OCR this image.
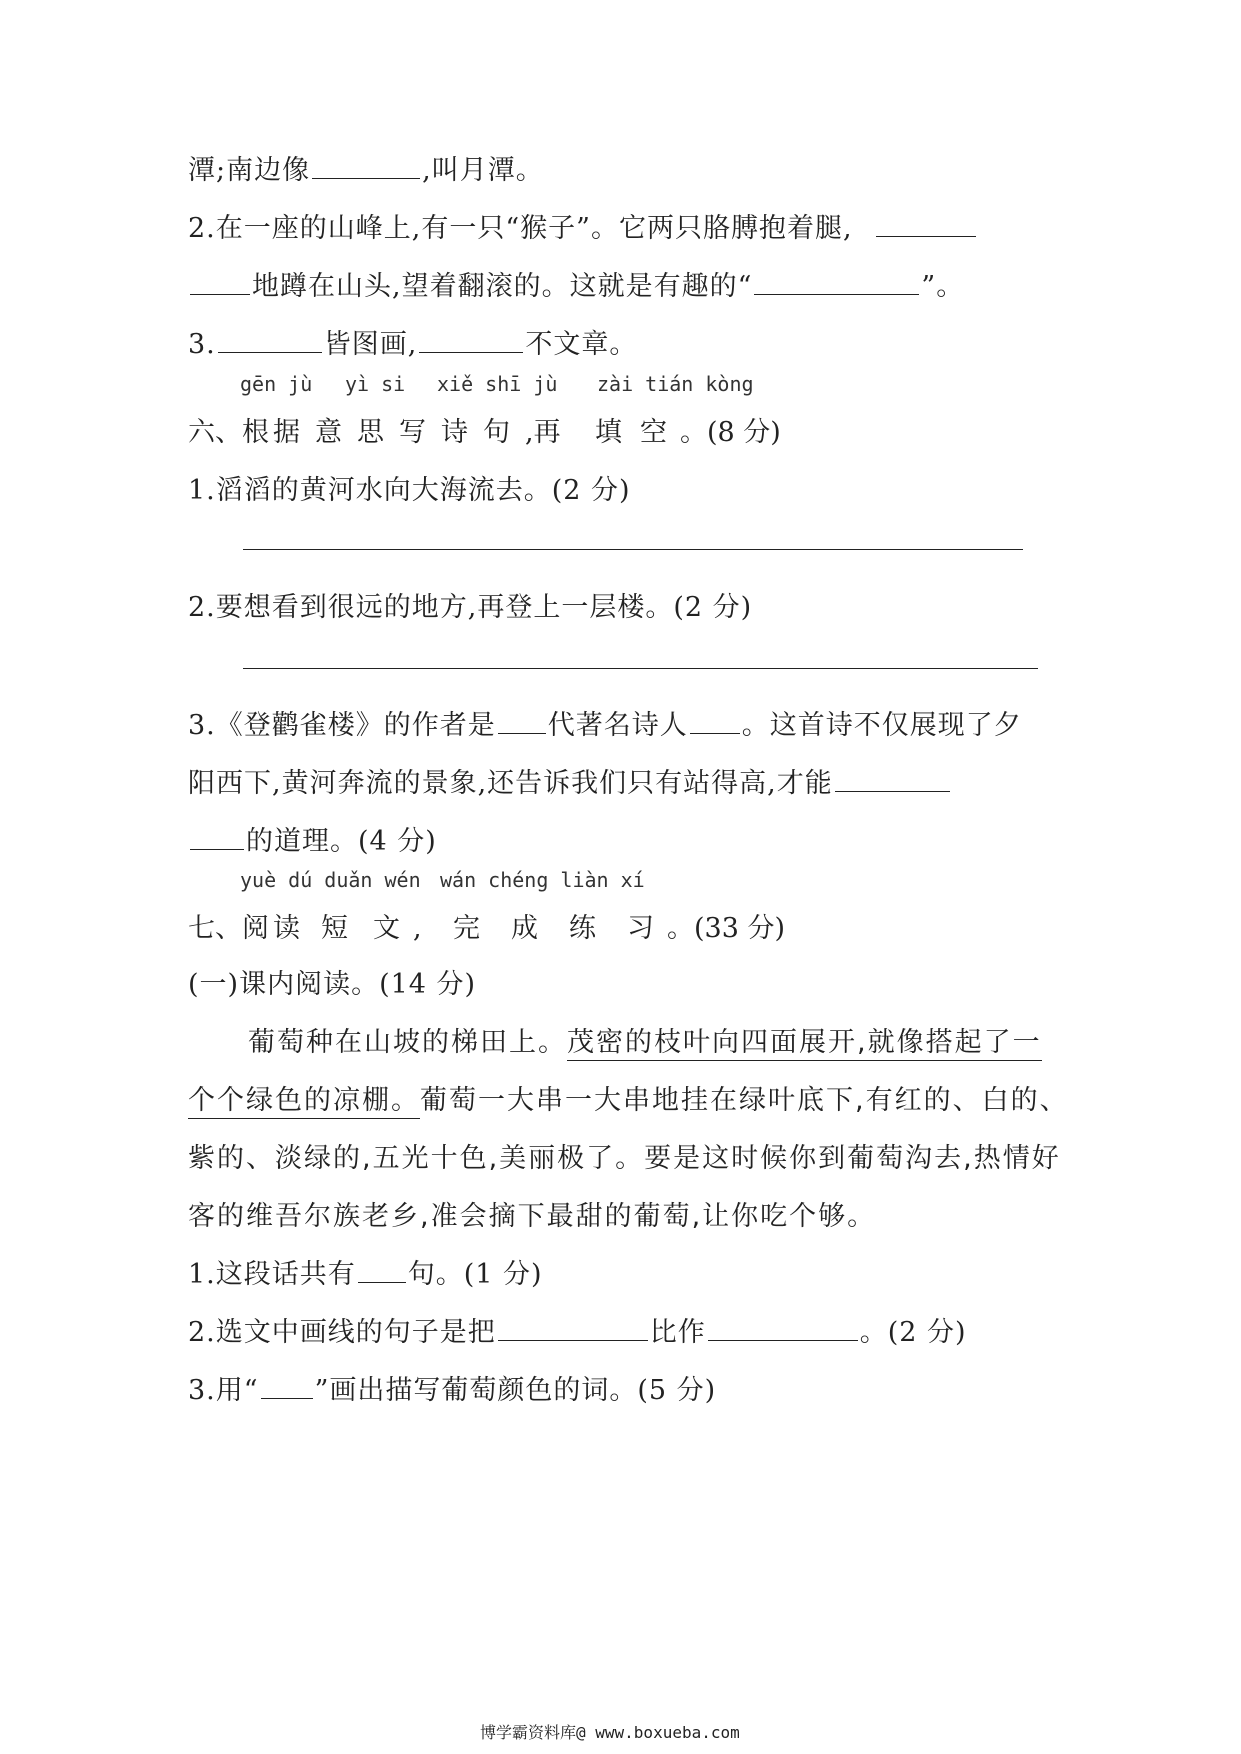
潭;南边像	,叫月潭。
2.在一座的山峰上,有一只“猴子”。它两只胳膊抱着腿,
地蹲在山头,望着翻滚的。这就是有趣的“	”。
3.	皆图画,	不文章。
gēn jù yì si xiě shī jù zài tián kòng
六、根 据 意 思 写 诗 句 ,再 填 空 。(8 分)
1.滔滔的黄河水向大海流去。(2 分)
2.要想看到很远的地方,再登上一层楼。(2 分)
3.《登鹳雀楼》的作者是 代著名诗人 。这首诗不仅展现了夕
阳西下,黄河奔流的景象,还告诉我们只有站得高,才能
的道理。(4 分)
yuè dú duǎn wén wán chéng liàn xí
七、阅 读 短 文 , 完 成 练 习 。(33 分)
(一)课内阅读。(14 分)
葡萄种在山坡的梯田上。茂密的枝叶向四面展开,就像搭起了一
个个绿色的凉棚。葡萄一大串一大串地挂在绿叶底下,有红的、白的、
紫的、淡绿的,五光十色,美丽极了。要是这时候你到葡萄沟去,热情好
客的维吾尔族老乡,准会摘下最甜的葡萄,让你吃个够。
1.这段话共有 句。(1 分)
2.选文中画线的句子是把	比作	。(2 分)
3.用“ ”画出描写葡萄颜色的词。(5 分)
博学霸资料库@ www.boxueba.com
